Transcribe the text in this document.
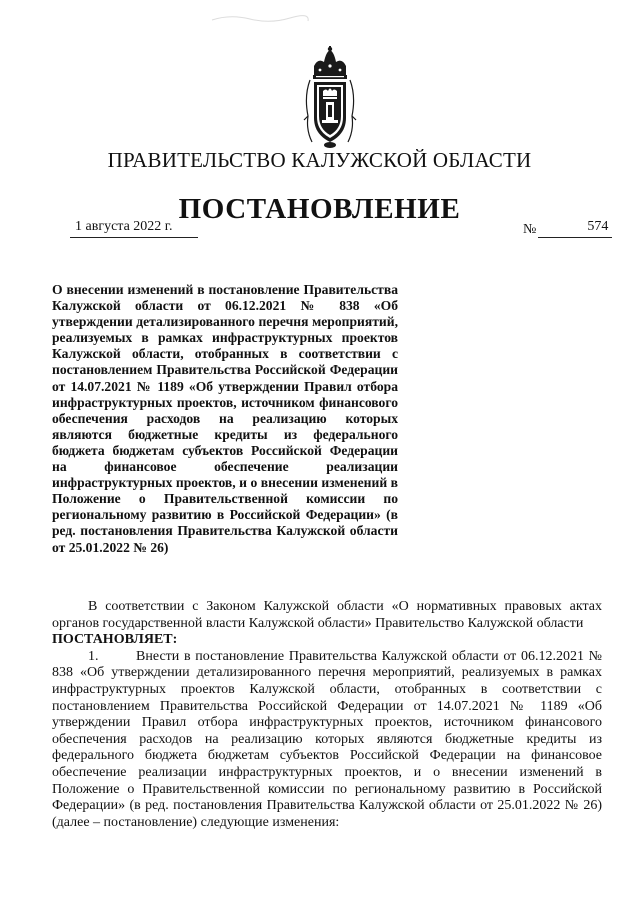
ПРАВИТЕЛЬСТВО КАЛУЖСКОЙ ОБЛАСТИ
ПОСТАНОВЛЕНИЕ
1 августа 2022 г.	№	574

О внесении изменений в постановление Правительства Калужской области от 06.12.2021 № 838 «Об утверждении детализированного перечня мероприятий, реализуемых в рамках инфраструктурных проектов Калужской области, отобранных в соответствии с постановлением Правительства Российской Федерации от 14.07.2021 № 1189 «Об утверждении Правил отбора инфраструктурных проектов, источником финансового обеспечения расходов на реализацию которых являются бюджетные кредиты из федерального бюджета бюджетам субъектов Российской Федерации на финансовое обеспечение реализации инфраструктурных проектов, и о внесении изменений в Положение о Правительственной комиссии по региональному развитию в Российской Федерации» (в ред. постановления Правительства Калужской области от 25.01.2022 № 26)

В соответствии с Законом Калужской области «О нормативных правовых актах органов государственной власти Калужской области» Правительство Калужской области

ПОСТАНОВЛЯЕТ:

1.	Внести в постановление Правительства Калужской области от 06.12.2021 № 838 «Об утверждении детализированного перечня мероприятий, реализуемых в рамках инфраструктурных проектов Калужской области, отобранных в соответствии с постановлением Правительства Российской Федерации от 14.07.2021 № 1189 «Об утверждении Правил отбора инфраструктурных проектов, источником финансового обеспечения расходов на реализацию которых являются бюджетные кредиты из федерального бюджета бюджетам субъектов Российской Федерации на финансовое обеспечение реализации инфраструктурных проектов, и о внесении изменений в Положение о Правительственной комиссии по региональному развитию в Российской Федерации» (в ред. постановления Правительства Калужской области от 25.01.2022 № 26) (далее – постановление) следующие изменения:
